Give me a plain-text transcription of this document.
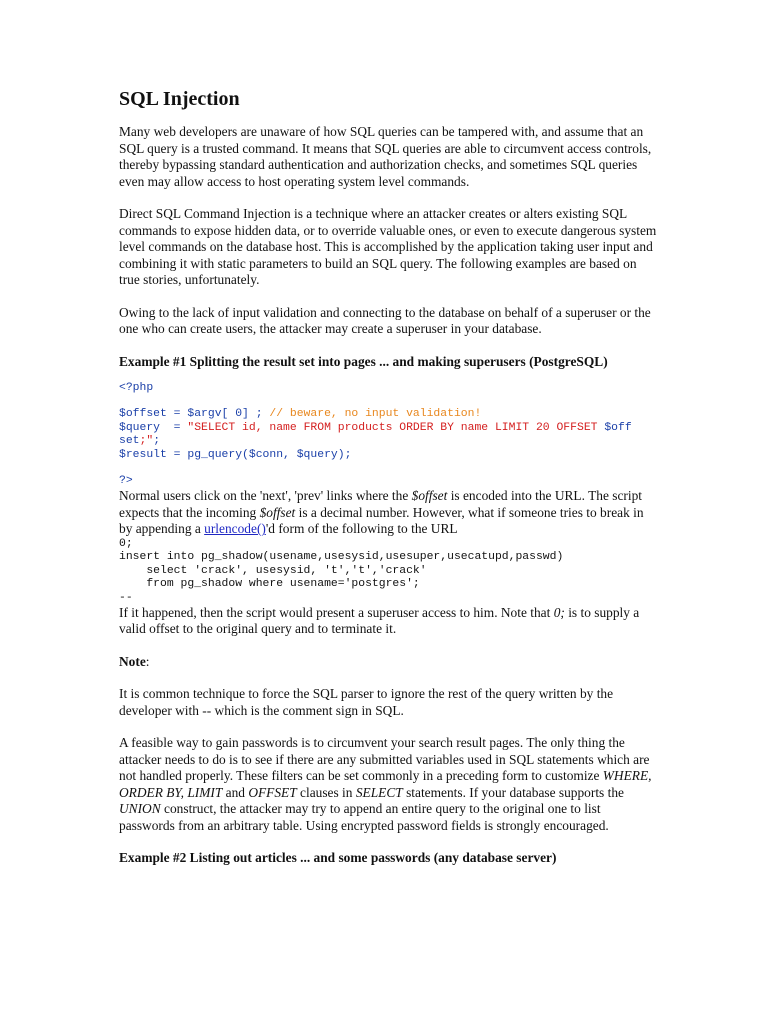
SQL Injection

Many web developers are unaware of how SQL queries can be tampered with, and assume that an SQL query is a trusted command. It means that SQL queries are able to circumvent access controls, thereby bypassing standard authentication and authorization checks, and sometimes SQL queries even may allow access to host operating system level commands.

Direct SQL Command Injection is a technique where an attacker creates or alters existing SQL commands to expose hidden data, or to override valuable ones, or even to execute dangerous system level commands on the database host. This is accomplished by the application taking user input and combining it with static parameters to build an SQL query. The following examples are based on true stories, unfortunately.

Owing to the lack of input validation and connecting to the database on behalf of a superuser or the one who can create users, the attacker may create a superuser in your database.

Example #1 Splitting the result set into pages ... and making superusers (PostgreSQL)

<?php
$offset = $argv[ 0] ; // beware, no input validation!
$query  = "SELECT id, name FROM products ORDER BY name LIMIT 20 OFFSET $off
set;";
$result = pg_query($conn, $query);
?>
Normal users click on the 'next', 'prev' links where the $offset is encoded into the URL. The script expects that the incoming $offset is a decimal number. However, what if someone tries to break in by appending a urlencode()'d form of the following to the URL
0;
insert into pg_shadow(usename,usesysid,usesuper,usecatupd,passwd)
select 'crack', usesysid, 't','t','crack'
from pg_shadow where usename='postgres';
--

If it happened, then the script would present a superuser access to him. Note that 0; is to supply a valid offset to the original query and to terminate it.

Note:

It is common technique to force the SQL parser to ignore the rest of the query written by the developer with -- which is the comment sign in SQL.

A feasible way to gain passwords is to circumvent your search result pages. The only thing the attacker needs to do is to see if there are any submitted variables used in SQL statements which are not handled properly. These filters can be set commonly in a preceding form to customize WHERE, ORDER BY, LIMIT and OFFSET clauses in SELECT statements. If your database supports the UNION construct, the attacker may try to append an entire query to the original one to list passwords from an arbitrary table. Using encrypted password fields is strongly encouraged.

Example #2 Listing out articles ... and some passwords (any database server)
